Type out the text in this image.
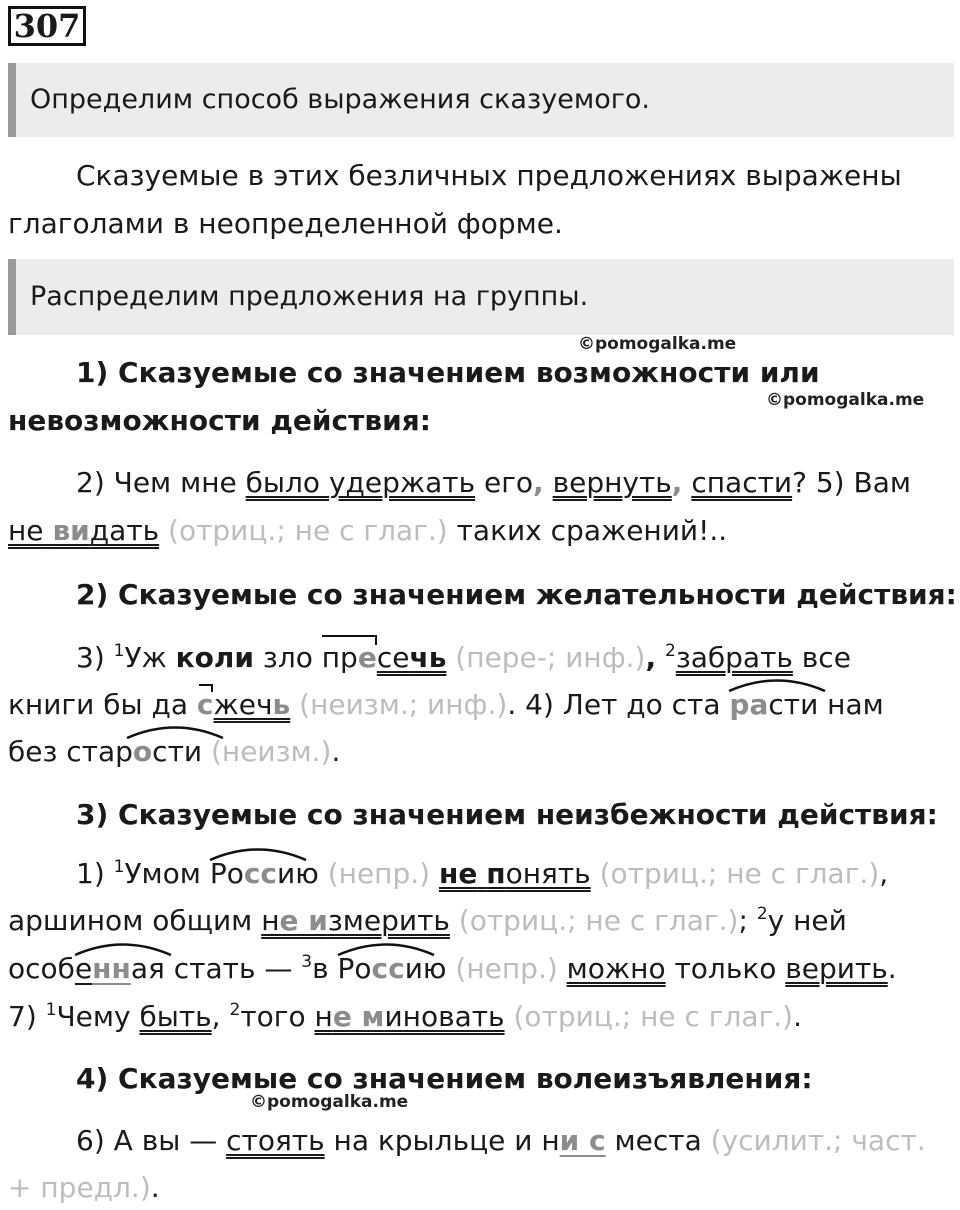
307
Определим способ выражения сказуемого.
Сказуемые в этих безличных предложениях выражены
глаголами в неопределенной форме.
Распределим предложения на группы.
©pomogalka.me
1) Сказуемые со значением возможности или
©pomogalka.me
невозможности действия:
2) Чем мне было удержать его, вернуть, спасти? 5) Вам
не видать (отриц.; не с глаг.) таких сражений!..
2) Сказуемые со значением желательности действия:
3) $^1$Уж коли зло
пресечь (пере-; инф.), $^2$забрать все
книги бы да
сжечь (неизм.; инф.). 4) Лет до ста
расти нам
без стар
ости (неизм.).
3) Сказуемые со значением неизбежности действия:
1) $^1$Умом
Россию (непр.) не понять (отриц.; не с глаг.),
аршином общим не измерить (отриц.; не с глаг.); $^2$у ней
особ
енная стать — $^3$в
Россию (непр.) можно только верить.
7) $^1$Чему быть, $^2$того не миновать (отриц.; не с глаг.).
4) Сказуемые со значением волеизъявления:
©pomogalka.me
6) А вы — стоять на крыльце и ни с места (усилит.; част.
+ предл.).
